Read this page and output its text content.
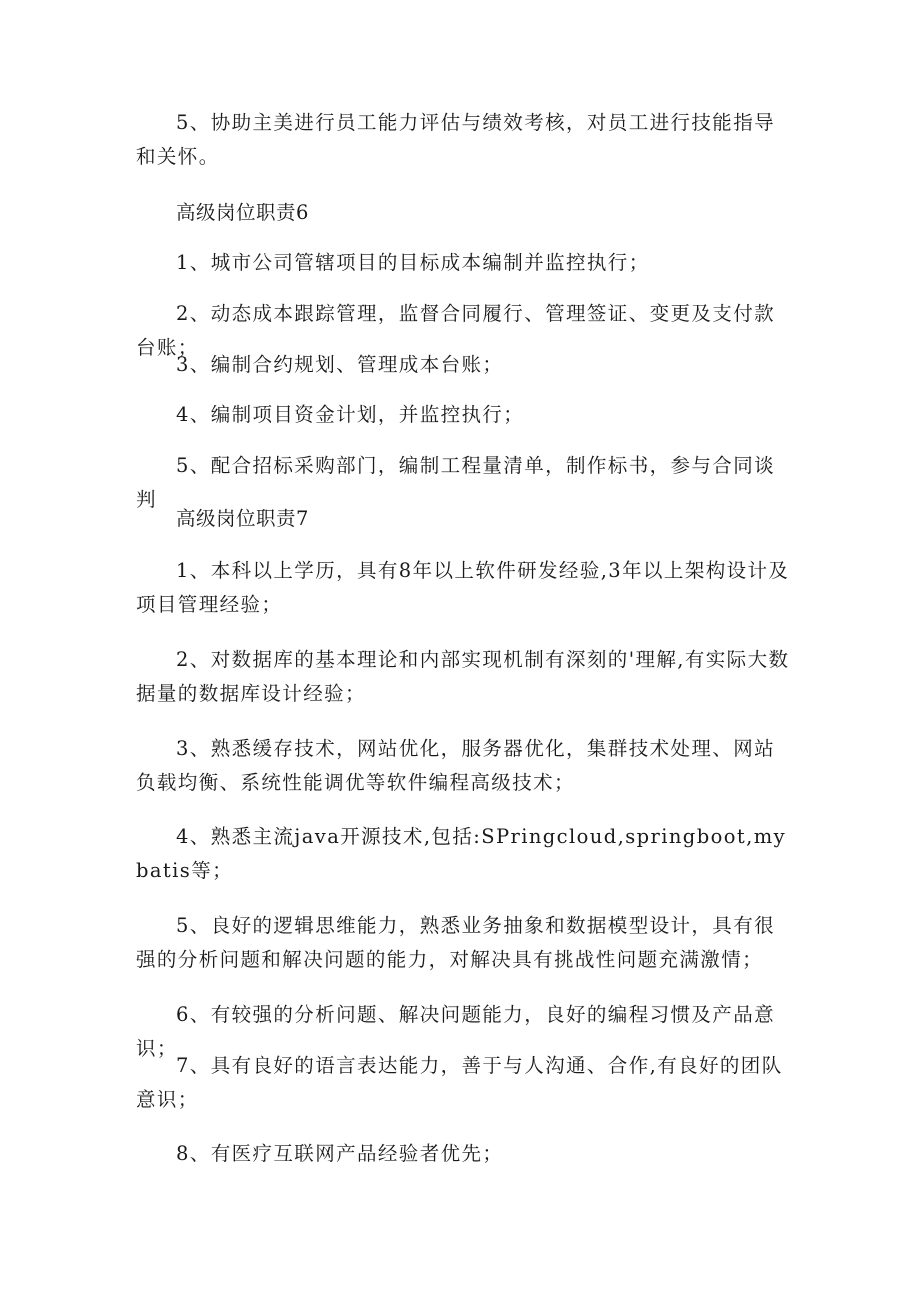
5、协助主美进行员工能力评估与绩效考核，对员工进行技能指导和关怀。

高级岗位职责6

1、城市公司管辖项目的目标成本编制并监控执行；

2、动态成本跟踪管理，监督合同履行、管理签证、变更及支付款台账；

3、编制合约规划、管理成本台账；

4、编制项目资金计划，并监控执行；

5、配合招标采购部门，编制工程量清单，制作标书，参与合同谈判

高级岗位职责7

1、本科以上学历，具有8年以上软件研发经验,3年以上架构设计及项目管理经验；

2、对数据库的基本理论和内部实现机制有深刻的'理解,有实际大数据量的数据库设计经验；

3、熟悉缓存技术，网站优化，服务器优化，集群技术处理、网站负载均衡、系统性能调优等软件编程高级技术；

4、熟悉主流java开源技术,包括:SPringcloud,springboot,mybatis等；

5、良好的逻辑思维能力，熟悉业务抽象和数据模型设计，具有很强的分析问题和解决问题的能力，对解决具有挑战性问题充满激情；

6、有较强的分析问题、解决问题能力，良好的编程习惯及产品意识；

7、具有良好的语言表达能力，善于与人沟通、合作,有良好的团队意识；

8、有医疗互联网产品经验者优先；
